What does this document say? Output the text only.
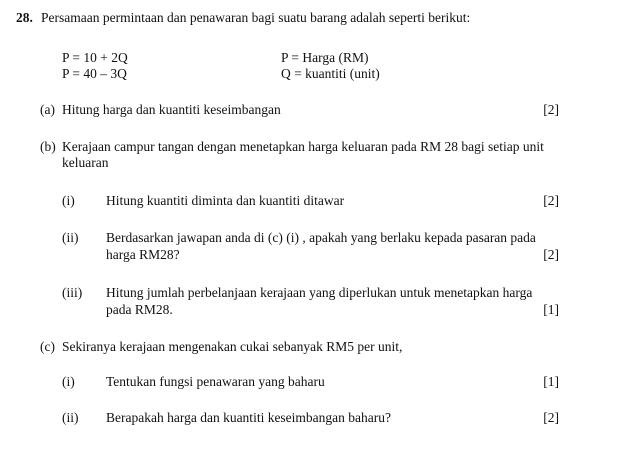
28. Persamaan permintaan dan penawaran bagi suatu barang adalah seperti berikut:
P = 10 + 2Q
P = 40 – 3Q
P = Harga (RM)
Q = kuantiti (unit)
(a) Hitung harga dan kuantiti keseimbangan	[2]
(b) Kerajaan campur tangan dengan menetapkan harga keluaran pada RM 28 bagi setiap unit
keluaran
(i) Hitung kuantiti diminta dan kuantiti ditawar	[2]
(ii) Berdasarkan jawapan anda di (c) (i) , apakah yang berlaku kepada pasaran pada
harga RM28?	[2]
(iii) Hitung jumlah perbelanjaan kerajaan yang diperlukan untuk menetapkan harga
pada RM28.	[1]
(c) Sekiranya kerajaan mengenakan cukai sebanyak RM5 per unit,
(i) Tentukan fungsi penawaran yang baharu	[1]
(ii) Berapakah harga dan kuantiti keseimbangan baharu?	[2]
